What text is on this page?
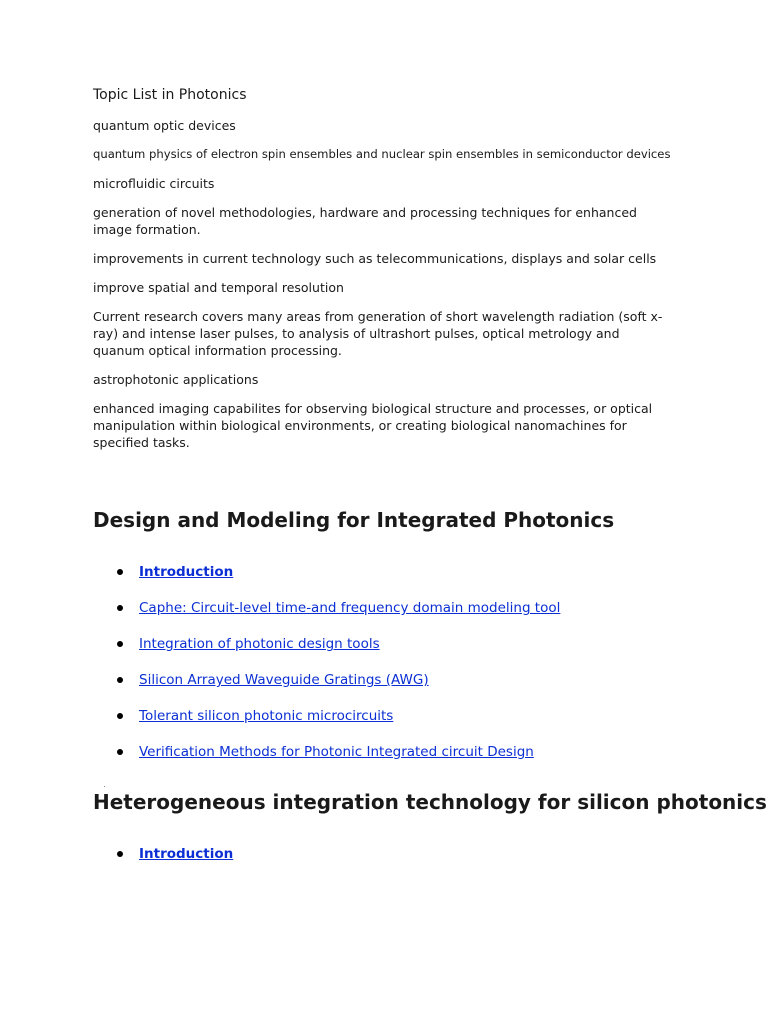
Topic List in Photonics
quantum optic devices
quantum physics of electron spin ensembles and nuclear spin ensembles in semiconductor devices
microfluidic circuits
generation of novel methodologies, hardware and processing techniques for enhanced image formation.
improvements in current technology such as telecommunications, displays and solar cells
improve spatial and temporal resolution
Current research covers many areas from generation of short wavelength radiation (soft x-ray) and intense laser pulses, to analysis of ultrashort pulses, optical metrology and quanum optical information processing.
astrophotonic applications
enhanced imaging capabilites for observing biological structure and processes, or optical manipulation within biological environments, or creating biological nanomachines for specified tasks.
Design and Modeling for Integrated Photonics
Introduction
Caphe: Circuit-level time-and frequency domain modeling tool
Integration of photonic design tools
Silicon Arrayed Waveguide Gratings (AWG)
Tolerant silicon photonic microcircuits
Verification Methods for Photonic Integrated circuit Design
Heterogeneous integration technology for silicon photonics
Introduction
